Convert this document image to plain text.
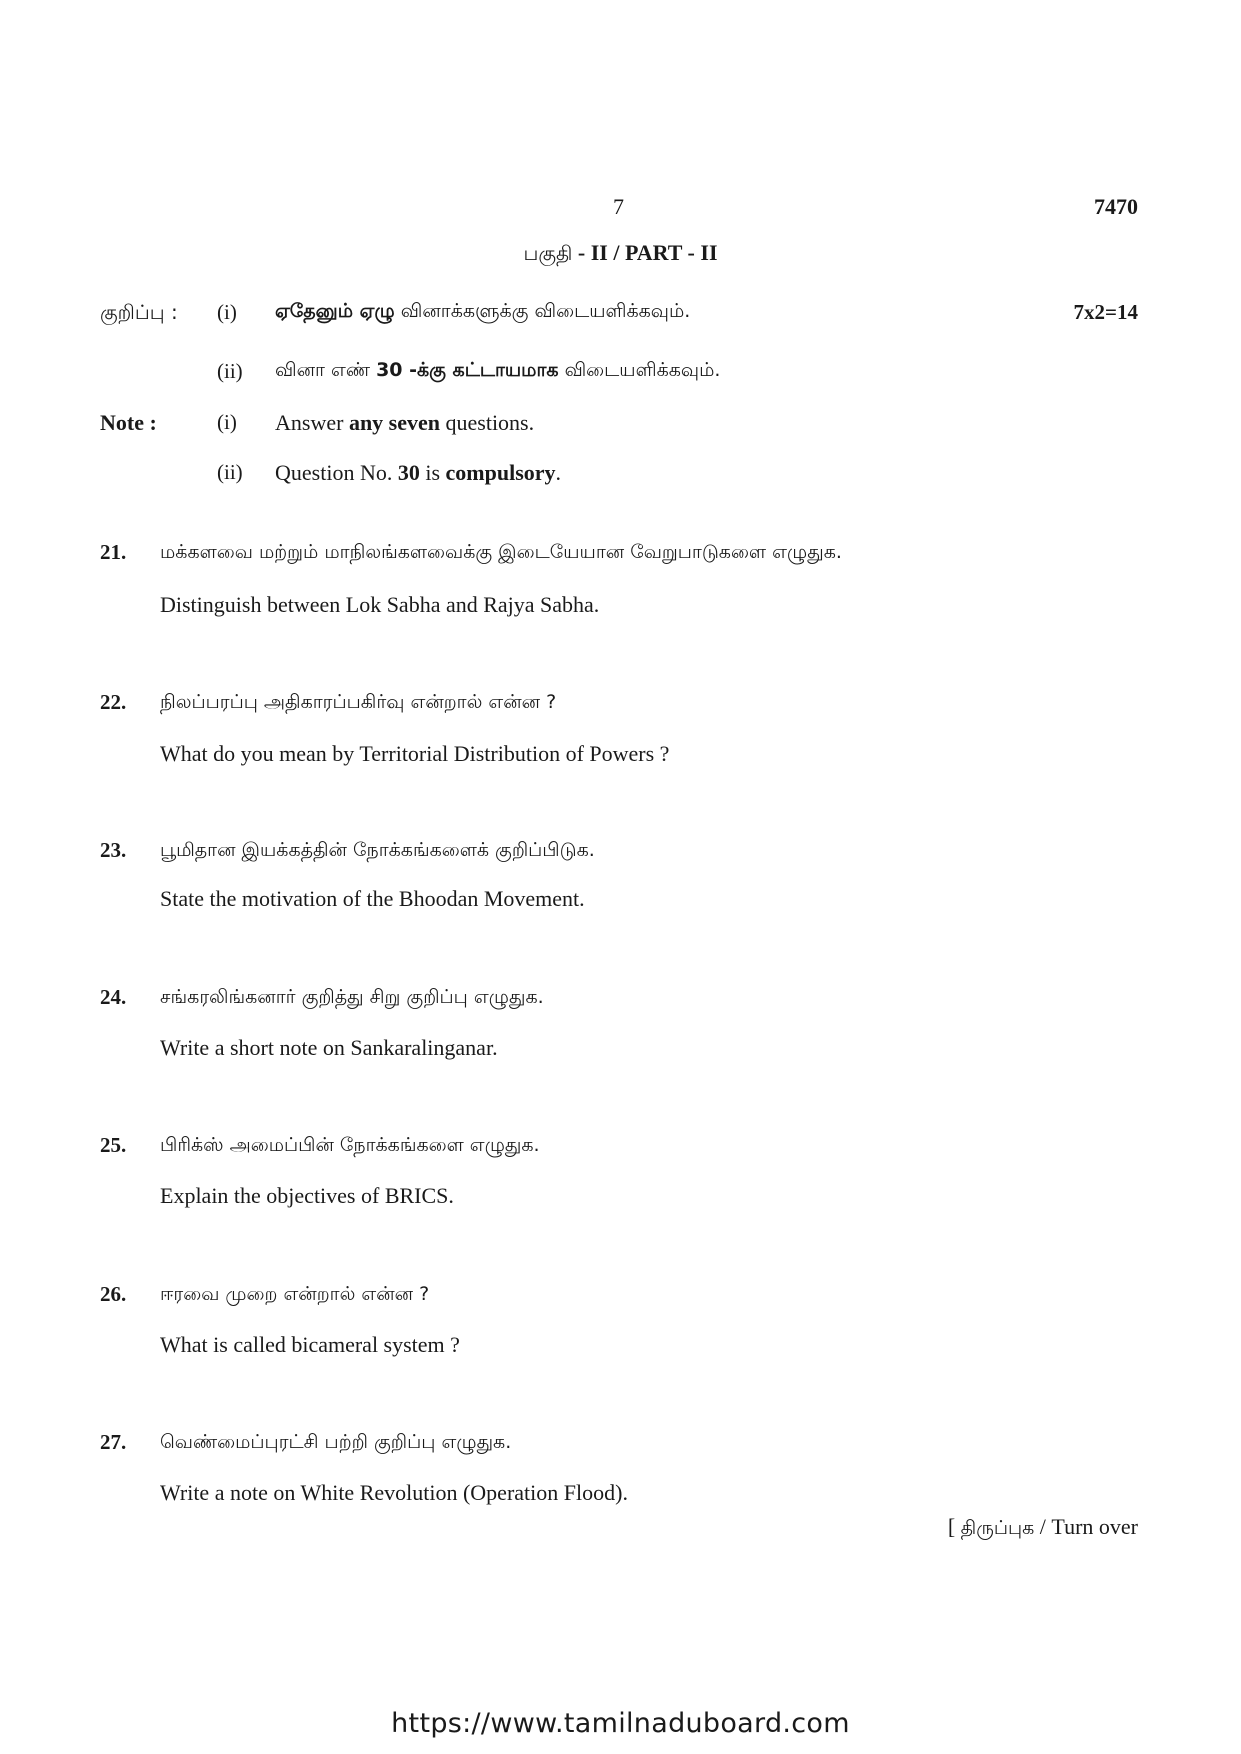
7	7470
பகுதி - II / PART - II
குறிப்பு : (i) ஏதேனும் ஏழு வினாக்களுக்கு விடையளிக்கவும்.	7x2=14
(ii) வினா எண் 30 -க்கு கட்டாயமாக விடையளிக்கவும்.
Note :	(i) Answer any seven questions.
(ii) Question No. 30 is compulsory.
21. மக்களவை மற்றும் மாநிலங்களவைக்கு இடையேயான வேறுபாடுகளை எழுதுக.
Distinguish between Lok Sabha and Rajya Sabha.
22. நிலப்பரப்பு அதிகாரப்பகிர்வு என்றால் என்ன ?
What do you mean by Territorial Distribution of Powers ?
23. பூமிதான இயக்கத்தின் நோக்கங்களைக் குறிப்பிடுக.
State the motivation of the Bhoodan Movement.
24. சங்கரலிங்கனார் குறித்து சிறு குறிப்பு எழுதுக.
Write a short note on Sankaralinganar.
25. பிரிக்ஸ் அமைப்பின் நோக்கங்களை எழுதுக.
Explain the objectives of BRICS.
26. ஈரவை முறை என்றால் என்ன ?
What is called bicameral system ?
27. வெண்மைப்புரட்சி பற்றி குறிப்பு எழுதுக.
Write a note on White Revolution (Operation Flood).
[ திருப்புக / Turn over
https://www.tamilnaduboard.com
